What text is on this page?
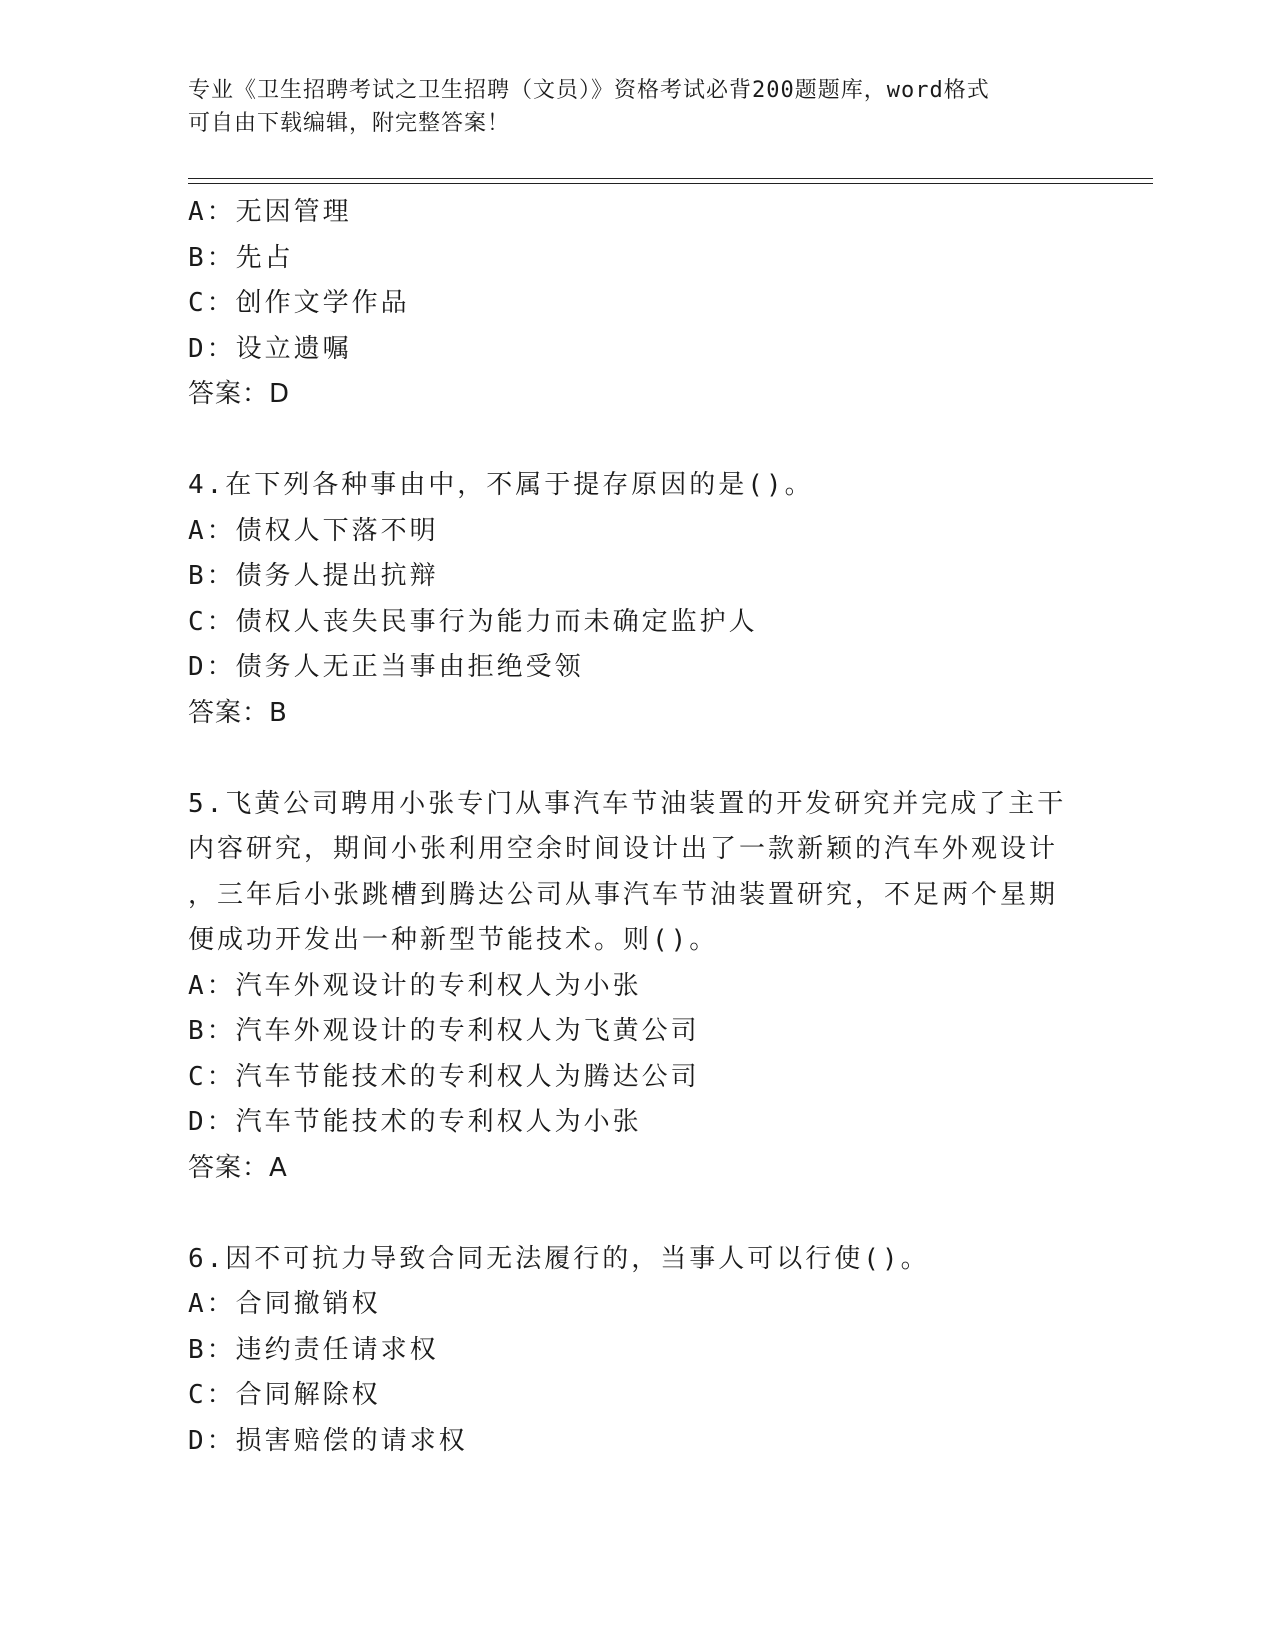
专业《卫生招聘考试之卫生招聘（文员）》资格考试必背200题题库，word格式
可自由下载编辑，附完整答案！
A：无因管理
B：先占
C：创作文学作品
D：设立遗嘱
答案：D
4.在下列各种事由中，不属于提存原因的是()。
A：债权人下落不明
B：债务人提出抗辩
C：债权人丧失民事行为能力而未确定监护人
D：债务人无正当事由拒绝受领
答案：B
5.飞黄公司聘用小张专门从事汽车节油装置的开发研究并完成了主干
内容研究，期间小张利用空余时间设计出了一款新颖的汽车外观设计
，三年后小张跳槽到腾达公司从事汽车节油装置研究，不足两个星期
便成功开发出一种新型节能技术。则()。
A：汽车外观设计的专利权人为小张
B：汽车外观设计的专利权人为飞黄公司
C：汽车节能技术的专利权人为腾达公司
D：汽车节能技术的专利权人为小张
答案：A
6.因不可抗力导致合同无法履行的，当事人可以行使()。
A：合同撤销权
B：违约责任请求权
C：合同解除权
D：损害赔偿的请求权
